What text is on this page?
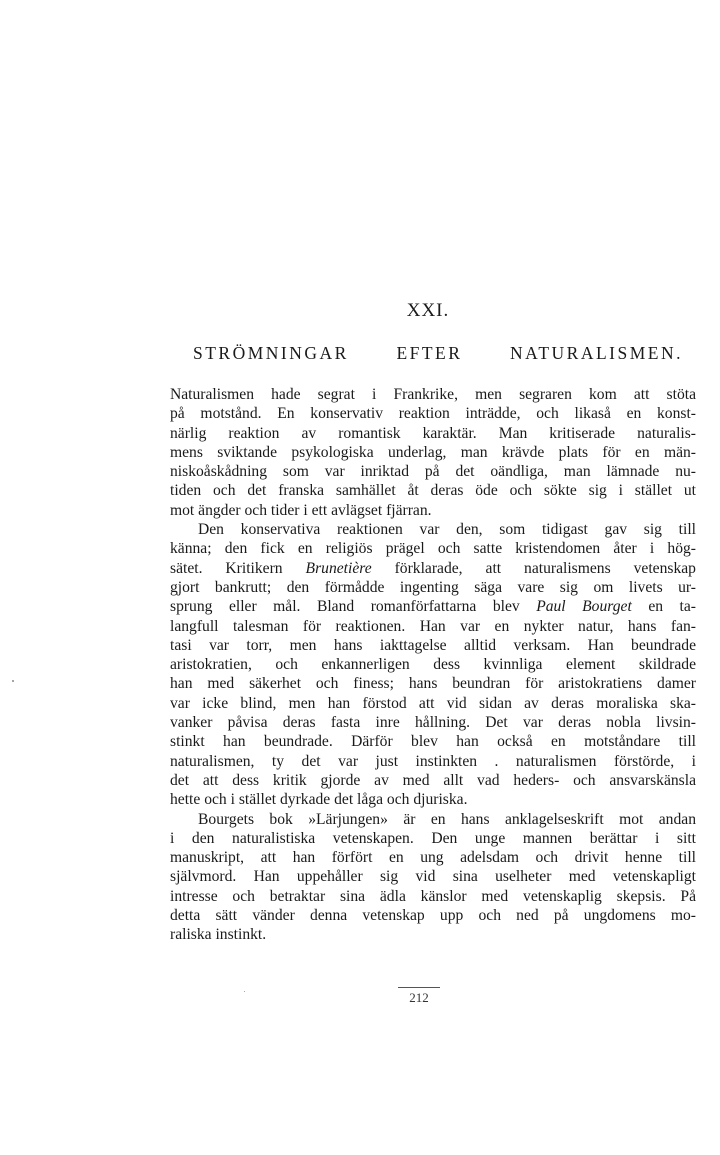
XXI.
STRÖMNINGAR EFTER NATURALISMEN.
Naturalismen hade segrat i Frankrike, men segraren kom att stöta
på motstånd. En konservativ reaktion inträdde, och likaså en konst-
närlig reaktion av romantisk karaktär. Man kritiserade naturalis-
mens sviktande psykologiska underlag, man krävde plats för en män-
niskoåskådning som var inriktad på det oändliga, man lämnade nu-
tiden och det franska samhället åt deras öde och sökte sig i stället ut
mot ängder och tider i ett avlägset fjärran.
Den konservativa reaktionen var den, som tidigast gav sig till
känna; den fick en religiös prägel och satte kristendomen åter i hög-
sätet. Kritikern Brunetière förklarade, att naturalismens vetenskap
gjort bankrutt; den förmådde ingenting säga vare sig om livets ur-
sprung eller mål. Bland romanförfattarna blev Paul Bourget en ta-
langfull talesman för reaktionen. Han var en nykter natur, hans fan-
tasi var torr, men hans iakttagelse alltid verksam. Han beundrade
aristokratien, och enkannerligen dess kvinnliga element skildrade
han med säkerhet och finess; hans beundran för aristokratiens damer
var icke blind, men han förstod att vid sidan av deras moraliska ska-
vanker påvisa deras fasta inre hållning. Det var deras nobla livsin-
stinkt han beundrade. Därför blev han också en motståndare till
naturalismen, ty det var just instinkten . naturalismen förstörde, i
det att dess kritik gjorde av med allt vad heders- och ansvarskänsla
hette och i stället dyrkade det låga och djuriska.
Bourgets bok »Lärjungen» är en hans anklagelseskrift mot andan
i den naturalistiska vetenskapen. Den unge mannen berättar i sitt
manuskript, att han förfört en ung adelsdam och drivit henne till
självmord. Han uppehåller sig vid sina uselheter med vetenskapligt
intresse och betraktar sina ädla känslor med vetenskaplig skepsis. På
detta sätt vänder denna vetenskap upp och ned på ungdomens mo-
raliska instinkt.
212
